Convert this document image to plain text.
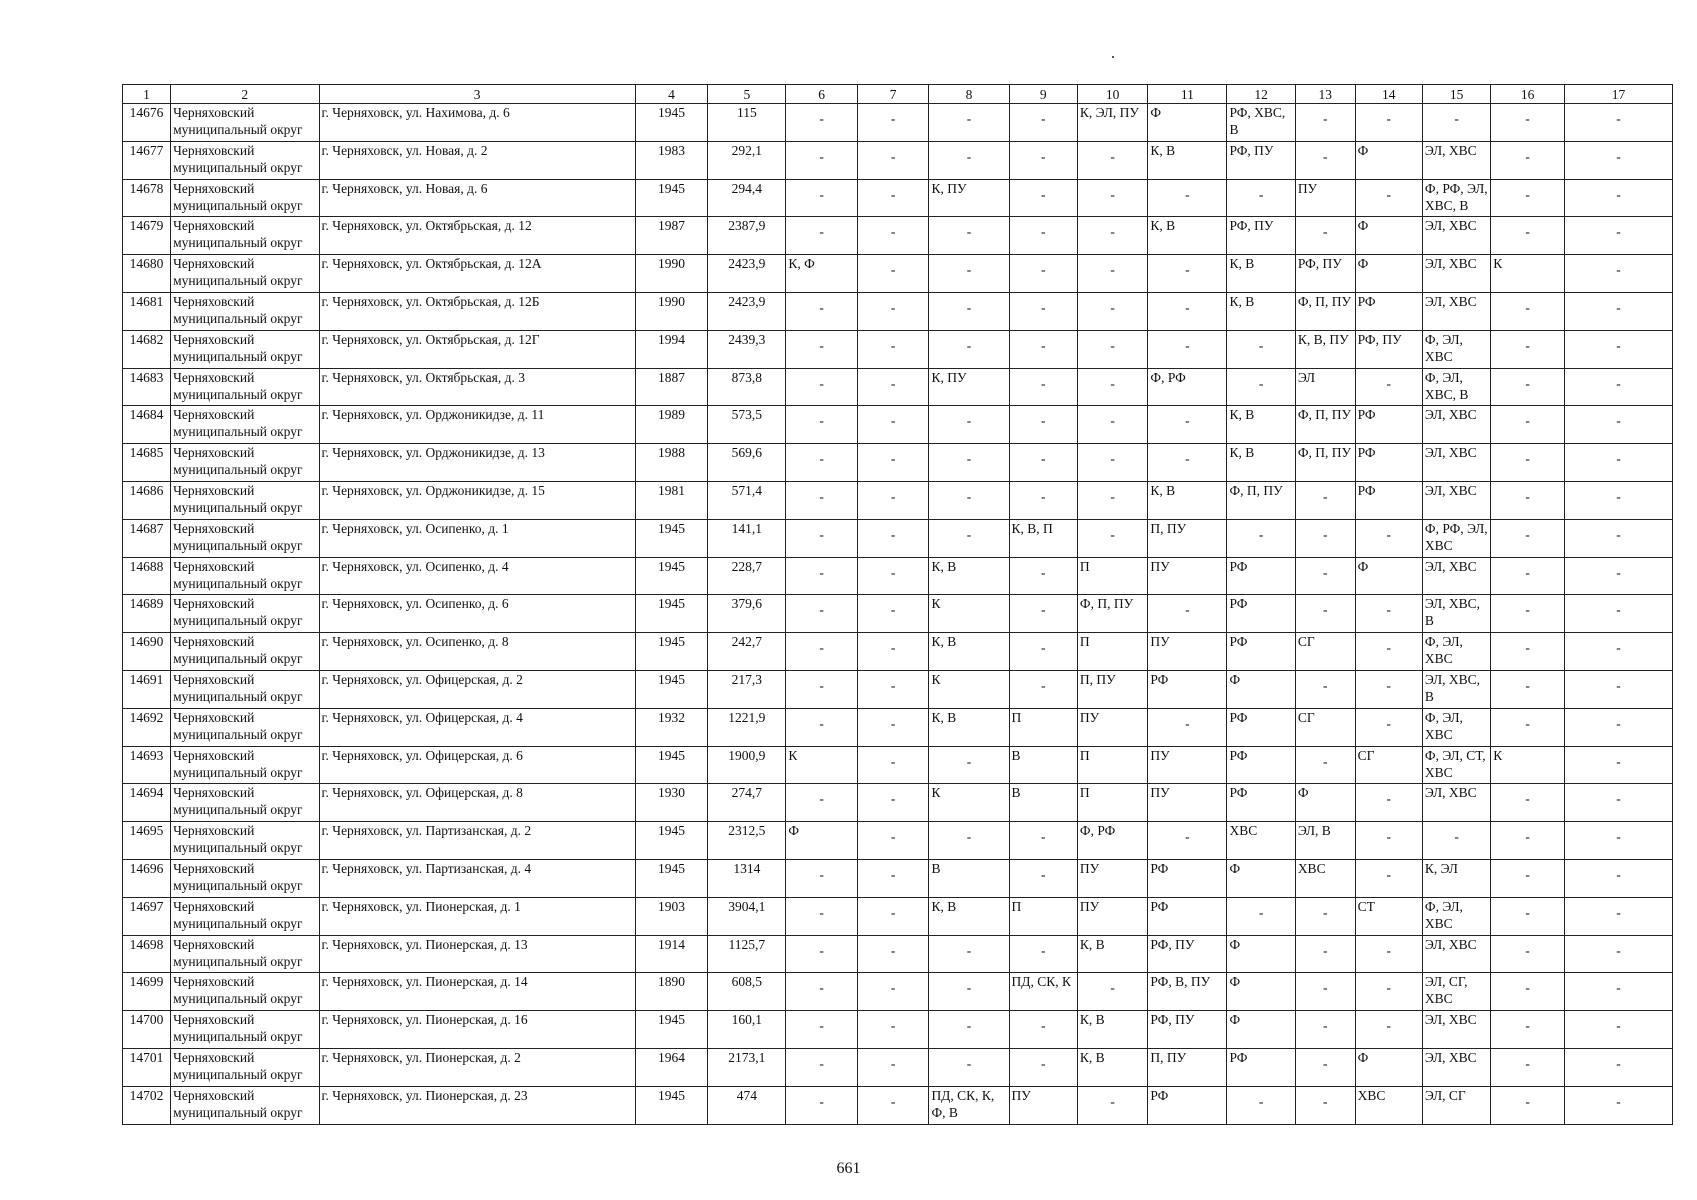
1	2	3	4	5	6	7	8	9	10	11	12	13	14	15	16	17
14676	Черняховский муниципальный округ	г. Черняховск, ул. Нахимова, д. 6	1945	115	-	-	-	-	К, ЭЛ, ПУ	Ф	РФ, ХВС, В	-	-	-	-	-
14677	Черняховский муниципальный округ	г. Черняховск, ул. Новая, д. 2	1983	292,1	-	-	-	-	-	К, В	РФ, ПУ	-	Ф	ЭЛ, ХВС	-	-
14678	Черняховский муниципальный округ	г. Черняховск, ул. Новая, д. 6	1945	294,4	-	-	К, ПУ	-	-	-	-	ПУ	-	Ф, РФ, ЭЛ, ХВС, В	-	-
14679	Черняховский муниципальный округ	г. Черняховск, ул. Октябрьская, д. 12	1987	2387,9	-	-	-	-	-	К, В	РФ, ПУ	-	Ф	ЭЛ, ХВС	-	-
14680	Черняховский муниципальный округ	г. Черняховск, ул. Октябрьская, д. 12А	1990	2423,9	К, Ф	-	-	-	-	-	К, В	РФ, ПУ	Ф	ЭЛ, ХВС	К	-
14681	Черняховский муниципальный округ	г. Черняховск, ул. Октябрьская, д. 12Б	1990	2423,9	-	-	-	-	-	-	К, В	Ф, П, ПУ	РФ	ЭЛ, ХВС	-	-
14682	Черняховский муниципальный округ	г. Черняховск, ул. Октябрьская, д. 12Г	1994	2439,3	-	-	-	-	-	-	-	К, В, ПУ	РФ, ПУ	Ф, ЭЛ, ХВС	-	-
14683	Черняховский муниципальный округ	г. Черняховск, ул. Октябрьская, д. 3	1887	873,8	-	-	К, ПУ	-	-	Ф, РФ	-	ЭЛ	-	Ф, ЭЛ, ХВС, В	-	-
14684	Черняховский муниципальный округ	г. Черняховск, ул. Орджоникидзе, д. 11	1989	573,5	-	-	-	-	-	-	К, В	Ф, П, ПУ	РФ	ЭЛ, ХВС	-	-
14685	Черняховский муниципальный округ	г. Черняховск, ул. Орджоникидзе, д. 13	1988	569,6	-	-	-	-	-	-	К, В	Ф, П, ПУ	РФ	ЭЛ, ХВС	-	-
14686	Черняховский муниципальный округ	г. Черняховск, ул. Орджоникидзе, д. 15	1981	571,4	-	-	-	-	-	К, В	Ф, П, ПУ	-	РФ	ЭЛ, ХВС	-	-
14687	Черняховский муниципальный округ	г. Черняховск, ул. Осипенко, д. 1	1945	141,1	-	-	-	К, В, П	-	П, ПУ	-	-	-	Ф, РФ, ЭЛ, ХВС	-	-
14688	Черняховский муниципальный округ	г. Черняховск, ул. Осипенко, д. 4	1945	228,7	-	-	К, В	-	П	ПУ	РФ	-	Ф	ЭЛ, ХВС	-	-
14689	Черняховский муниципальный округ	г. Черняховск, ул. Осипенко, д. 6	1945	379,6	-	-	К	-	Ф, П, ПУ	-	РФ	-	-	ЭЛ, ХВС, В	-	-
14690	Черняховский муниципальный округ	г. Черняховск, ул. Осипенко, д. 8	1945	242,7	-	-	К, В	-	П	ПУ	РФ	СГ	-	Ф, ЭЛ, ХВС	-	-
14691	Черняховский муниципальный округ	г. Черняховск, ул. Офицерская, д. 2	1945	217,3	-	-	К	-	П, ПУ	РФ	Ф	-	-	ЭЛ, ХВС, В	-	-
14692	Черняховский муниципальный округ	г. Черняховск, ул. Офицерская, д. 4	1932	1221,9	-	-	К, В	П	ПУ	-	РФ	СГ	-	Ф, ЭЛ, ХВС	-	-
14693	Черняховский муниципальный округ	г. Черняховск, ул. Офицерская, д. 6	1945	1900,9	К	-	-	В	П	ПУ	РФ	-	СГ	Ф, ЭЛ, СТ, ХВС	К	-
14694	Черняховский муниципальный округ	г. Черняховск, ул. Офицерская, д. 8	1930	274,7	-	-	К	В	П	ПУ	РФ	Ф	-	ЭЛ, ХВС	-	-
14695	Черняховский муниципальный округ	г. Черняховск, ул. Партизанская, д. 2	1945	2312,5	Ф	-	-	-	Ф, РФ	-	ХВС	ЭЛ, В	-	-	-	-
14696	Черняховский муниципальный округ	г. Черняховск, ул. Партизанская, д. 4	1945	1314	-	-	В	-	ПУ	РФ	Ф	ХВС	-	К, ЭЛ	-	-
14697	Черняховский муниципальный округ	г. Черняховск, ул. Пионерская, д. 1	1903	3904,1	-	-	К, В	П	ПУ	РФ	-	-	СТ	Ф, ЭЛ, ХВС	-	-
14698	Черняховский муниципальный округ	г. Черняховск, ул. Пионерская, д. 13	1914	1125,7	-	-	-	-	К, В	РФ, ПУ	Ф	-	-	ЭЛ, ХВС	-	-
14699	Черняховский муниципальный округ	г. Черняховск, ул. Пионерская, д. 14	1890	608,5	-	-	-	ПД, СК, К	-	РФ, В, ПУ	Ф	-	-	ЭЛ, СГ, ХВС	-	-
14700	Черняховский муниципальный округ	г. Черняховск, ул. Пионерская, д. 16	1945	160,1	-	-	-	-	К, В	РФ, ПУ	Ф	-	-	ЭЛ, ХВС	-	-
14701	Черняховский муниципальный округ	г. Черняховск, ул. Пионерская, д. 2	1964	2173,1	-	-	-	-	К, В	П, ПУ	РФ	-	Ф	ЭЛ, ХВС	-	-
14702	Черняховский муниципальный округ	г. Черняховск, ул. Пионерская, д. 23	1945	474	-	-	ПД, СК, К, Ф, В	ПУ	-	РФ	-	-	ХВС	ЭЛ, СГ	-	-
661
